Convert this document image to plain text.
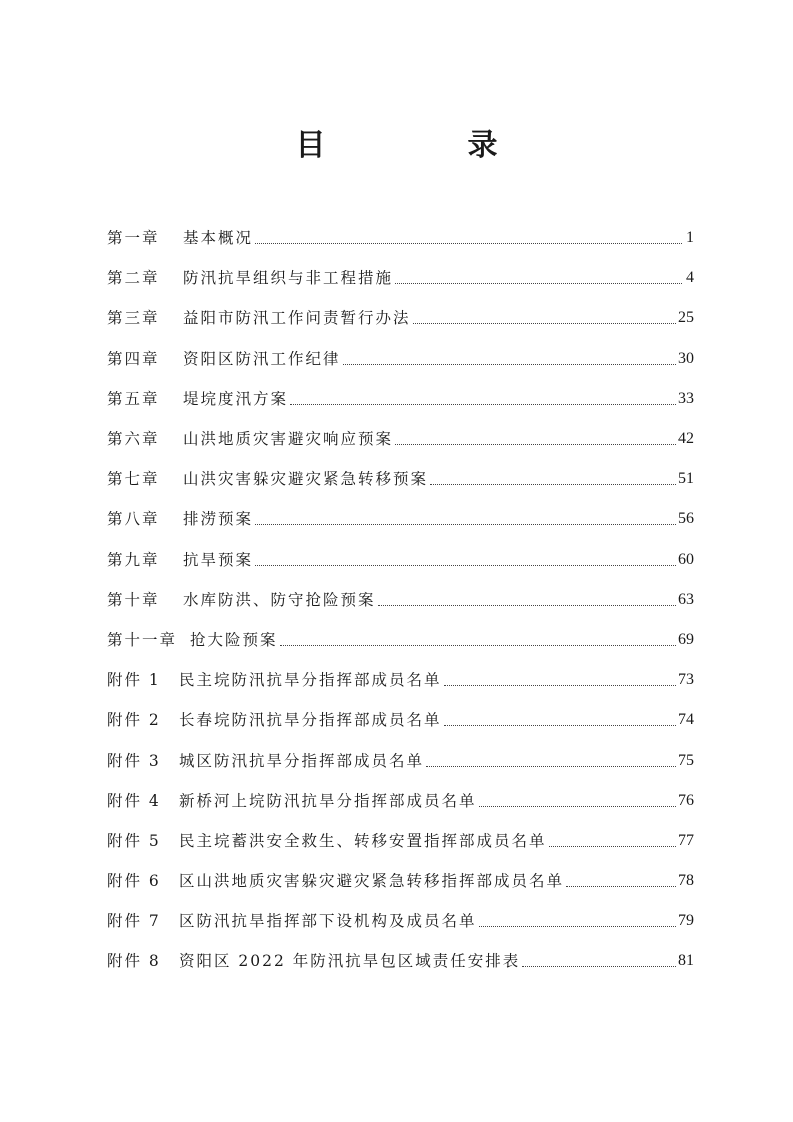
目　录
第一章	基本概况	1
第二章	防汛抗旱组织与非工程措施	4
第三章	益阳市防汛工作问责暂行办法	25
第四章	资阳区防汛工作纪律	30
第五章	堤垸度汛方案	33
第六章	山洪地质灾害避灾响应预案	42
第七章	山洪灾害躲灾避灾紧急转移预案	51
第八章	排涝预案	56
第九章	抗旱预案	60
第十章	水库防洪、防守抢险预案	63
第十一章 抢大险预案	69
附件 1	民主垸防汛抗旱分指挥部成员名单	73
附件 2	长春垸防汛抗旱分指挥部成员名单	74
附件 3	城区防汛抗旱分指挥部成员名单	75
附件 4	新桥河上垸防汛抗旱分指挥部成员名单	76
附件 5	民主垸蓄洪安全救生、转移安置指挥部成员名单	77
附件 6	区山洪地质灾害躲灾避灾紧急转移指挥部成员名单	78
附件 7	区防汛抗旱指挥部下设机构及成员名单	79
附件 8	资阳区 2022 年防汛抗旱包区域责任安排表	81
